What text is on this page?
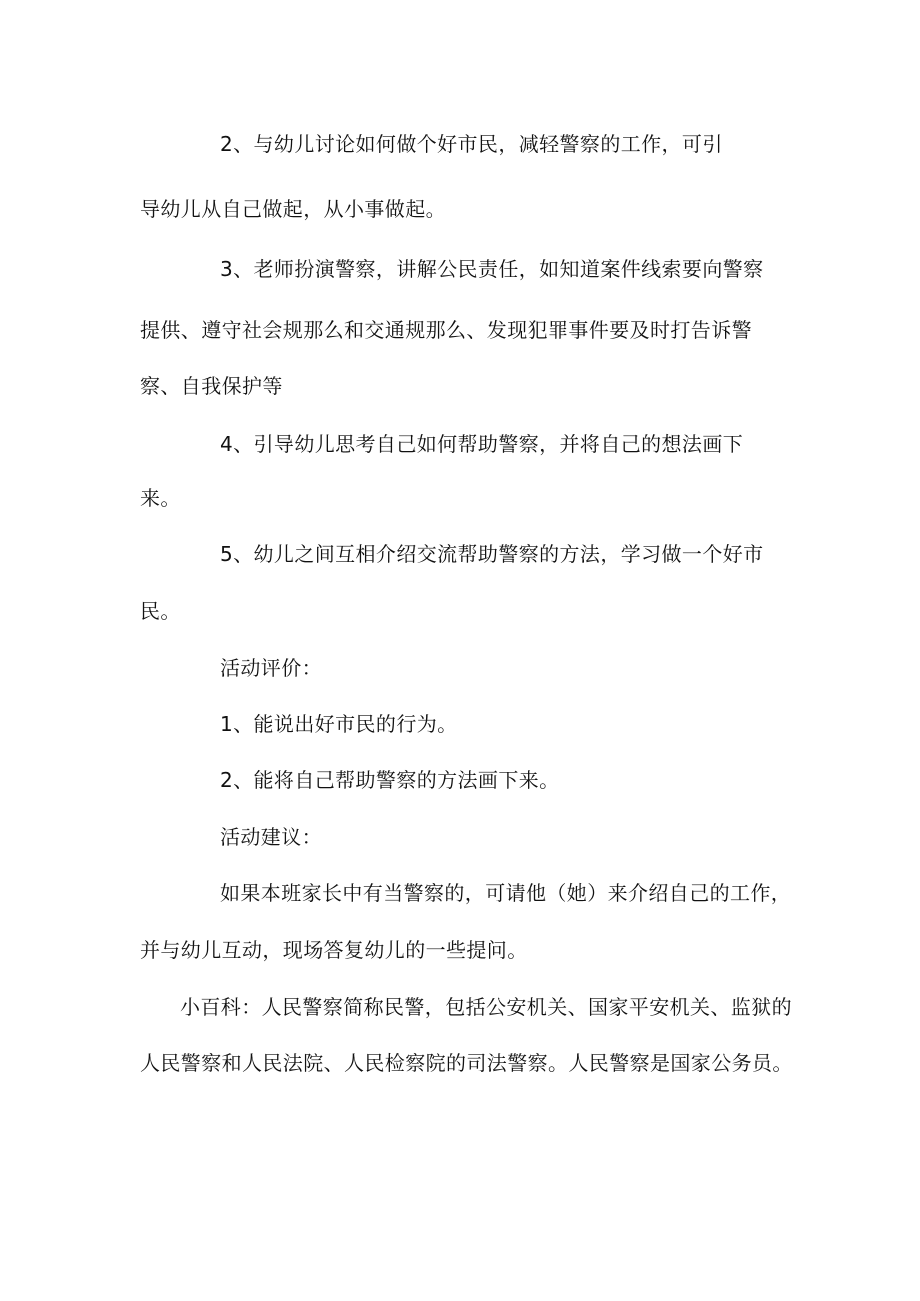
2、与幼儿讨论如何做个好市民，减轻警察的工作，可引
导幼儿从自己做起，从小事做起。
3、老师扮演警察，讲解公民责任，如知道案件线索要向警察
提供、遵守社会规那么和交通规那么、发现犯罪事件要及时打告诉警
察、自我保护等
4、引导幼儿思考自己如何帮助警察，并将自己的想法画下
来。
5、幼儿之间互相介绍交流帮助警察的方法，学习做一个好市
民。
活动评价：
1、能说出好市民的行为。
2、能将自己帮助警察的方法画下来。
活动建议：
如果本班家长中有当警察的，可请他（她）来介绍自己的工作，
并与幼儿互动，现场答复幼儿的一些提问。
小百科：人民警察简称民警，包括公安机关、国家平安机关、监狱的
人民警察和人民法院、人民检察院的司法警察。人民警察是国家公务员。
